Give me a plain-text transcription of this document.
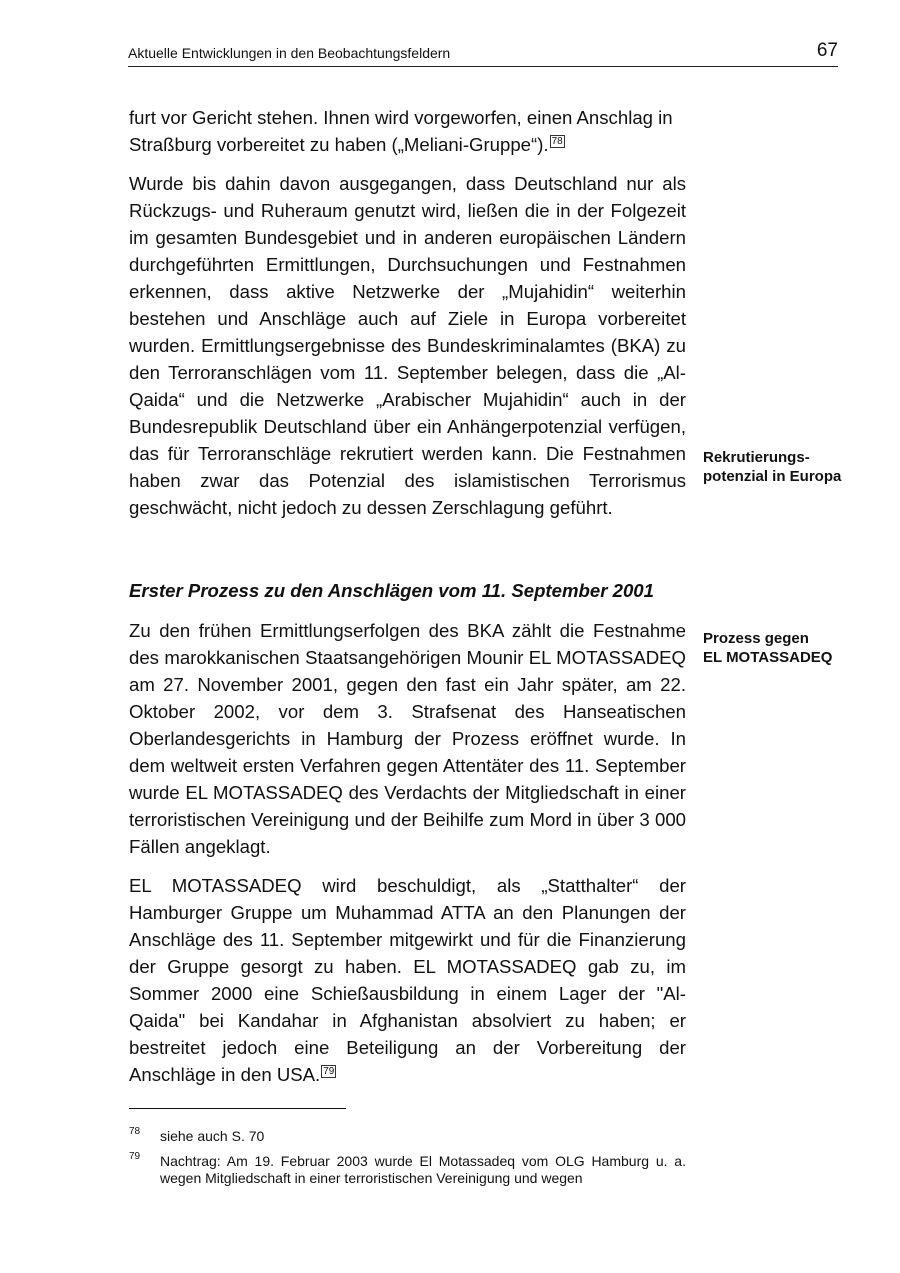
Aktuelle Entwicklungen in den Beobachtungsfeldern	67

furt vor Gericht stehen. Ihnen wird vorgeworfen, einen Anschlag in Straßburg vorbereitet zu haben („Meliani-Gruppe“). 78

Wurde bis dahin davon ausgegangen, dass Deutschland nur als Rückzugs- und Ruheraum genutzt wird, ließen die in der Folgezeit im gesamten Bundesgebiet und in anderen europäischen Ländern durchgeführten Ermittlungen, Durchsuchungen und Festnahmen erkennen, dass aktive Netzwerke der „Mujahidin“ weiterhin bestehen und Anschläge auch auf Ziele in Europa vorbereitet wurden. Ermittlungsergebnisse des Bundeskriminalamtes (BKA) zu den Terroranschlägen vom 11. September belegen, dass die „Al-Qaida“ und die Netzwerke „Arabischer Mujahidin“ auch in der Bundesrepublik Deutschland über ein Anhängerpotenzial verfügen, das für Terroranschläge rekrutiert werden kann. Die Festnahmen haben zwar das Potenzial des islamistischen Terrorismus geschwächt, nicht jedoch zu dessen Zerschlagung geführt.

Rekrutierungs-
potenzial in Europa
Erster Prozess zu den Anschlägen vom 11. September 2001
Prozess gegen
EL MOTASSADEQ

Zu den frühen Ermittlungserfolgen des BKA zählt die Festnahme des marokkanischen Staatsangehörigen Mounir EL MOTASSADEQ am 27. November 2001, gegen den fast ein Jahr später, am 22. Oktober 2002, vor dem 3. Strafsenat des Hanseatischen Oberlandesgerichts in Hamburg der Prozess eröffnet wurde. In dem weltweit ersten Verfahren gegen Attentäter des 11. September wurde EL MOTASSADEQ des Verdachts der Mitgliedschaft in einer terroristischen Vereinigung und der Beihilfe zum Mord in über 3 000 Fällen angeklagt.

EL MOTASSADEQ wird beschuldigt, als „Statthalter“ der Hamburger Gruppe um Muhammad ATTA an den Planungen der Anschläge des 11. September mitgewirkt und für die Finanzierung der Gruppe gesorgt zu haben. EL MOTASSADEQ gab zu, im Sommer 2000 eine Schießausbildung in einem Lager der "Al-Qaida" bei Kandahar in Afghanistan absolviert zu haben; er bestreitet jedoch eine Beteiligung an der Vorbereitung der Anschläge in den USA. 79

78 siehe auch S. 70
79 Nachtrag: Am 19. Februar 2003 wurde El Motassadeq vom OLG Hamburg u. a. wegen Mitgliedschaft in einer terroristischen Vereinigung und wegen
